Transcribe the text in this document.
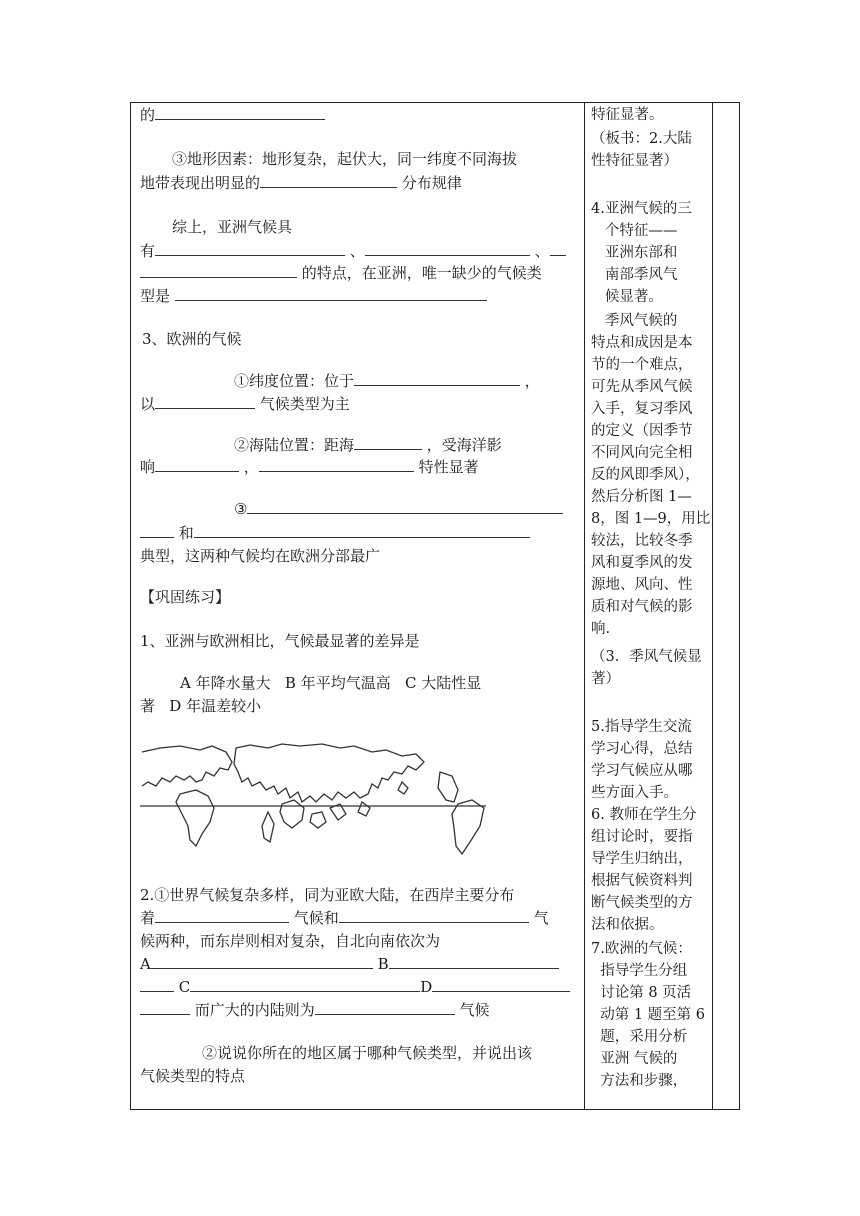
的

③地形因素：地形复杂，起伏大，同一纬度不同海拔

地带表现出明显的	分布规律

综上，亚洲气候具

有	、	、

的特点，在亚洲，唯一缺少的气候类

型是

3、欧洲的气候

①纬度位置：位于	，

以	气候类型为主

②海陆位置：距海	，受海洋影

响	，	特性显著

③

和

典型，这两种气候均在欧洲分部最广

【巩固练习】

1、亚洲与欧洲相比，气候最显著的差异是

A 年降水量大   B 年平均气温高   C 大陆性显

著   D 年温差较小

2.①世界气候复杂多样，同为亚欧大陆，在西岸主要分布

着	气候和	气

候两种，而东岸则相对复杂，自北向南依次为

A	B

C	D

而广大的内陆则为	气候

②说说你所在的地区属于哪种气候类型，并说出该

气候类型的特点

特征显著。

（板书：2.大陆

性特征显著）

4.亚洲气候的三

个特征——

亚洲东部和

南部季风气

候显著。

季风气候的

特点和成因是本

节的一个难点，

可先从季风气候

入手，复习季风

的定义（因季节

不同风向完全相

反的风即季风），

然后分析图 1—

8，图 1—9，用比

较法，比较冬季

风和夏季风的发

源地、风向、性

质和对气候的影

响.

（3．季风气候显

著）

5.指导学生交流

学习心得，总结

学习气候应从哪

些方面入手。

6. 教师在学生分

组讨论时，要指

导学生归纳出，

根据气候资料判

断气候类型的方

法和依据。

7.欧洲的气候：

指导学生分组

讨论第 8 页活

动第 1 题至第 6

题，采用分析

亚洲 气候的

方法和步骤，
